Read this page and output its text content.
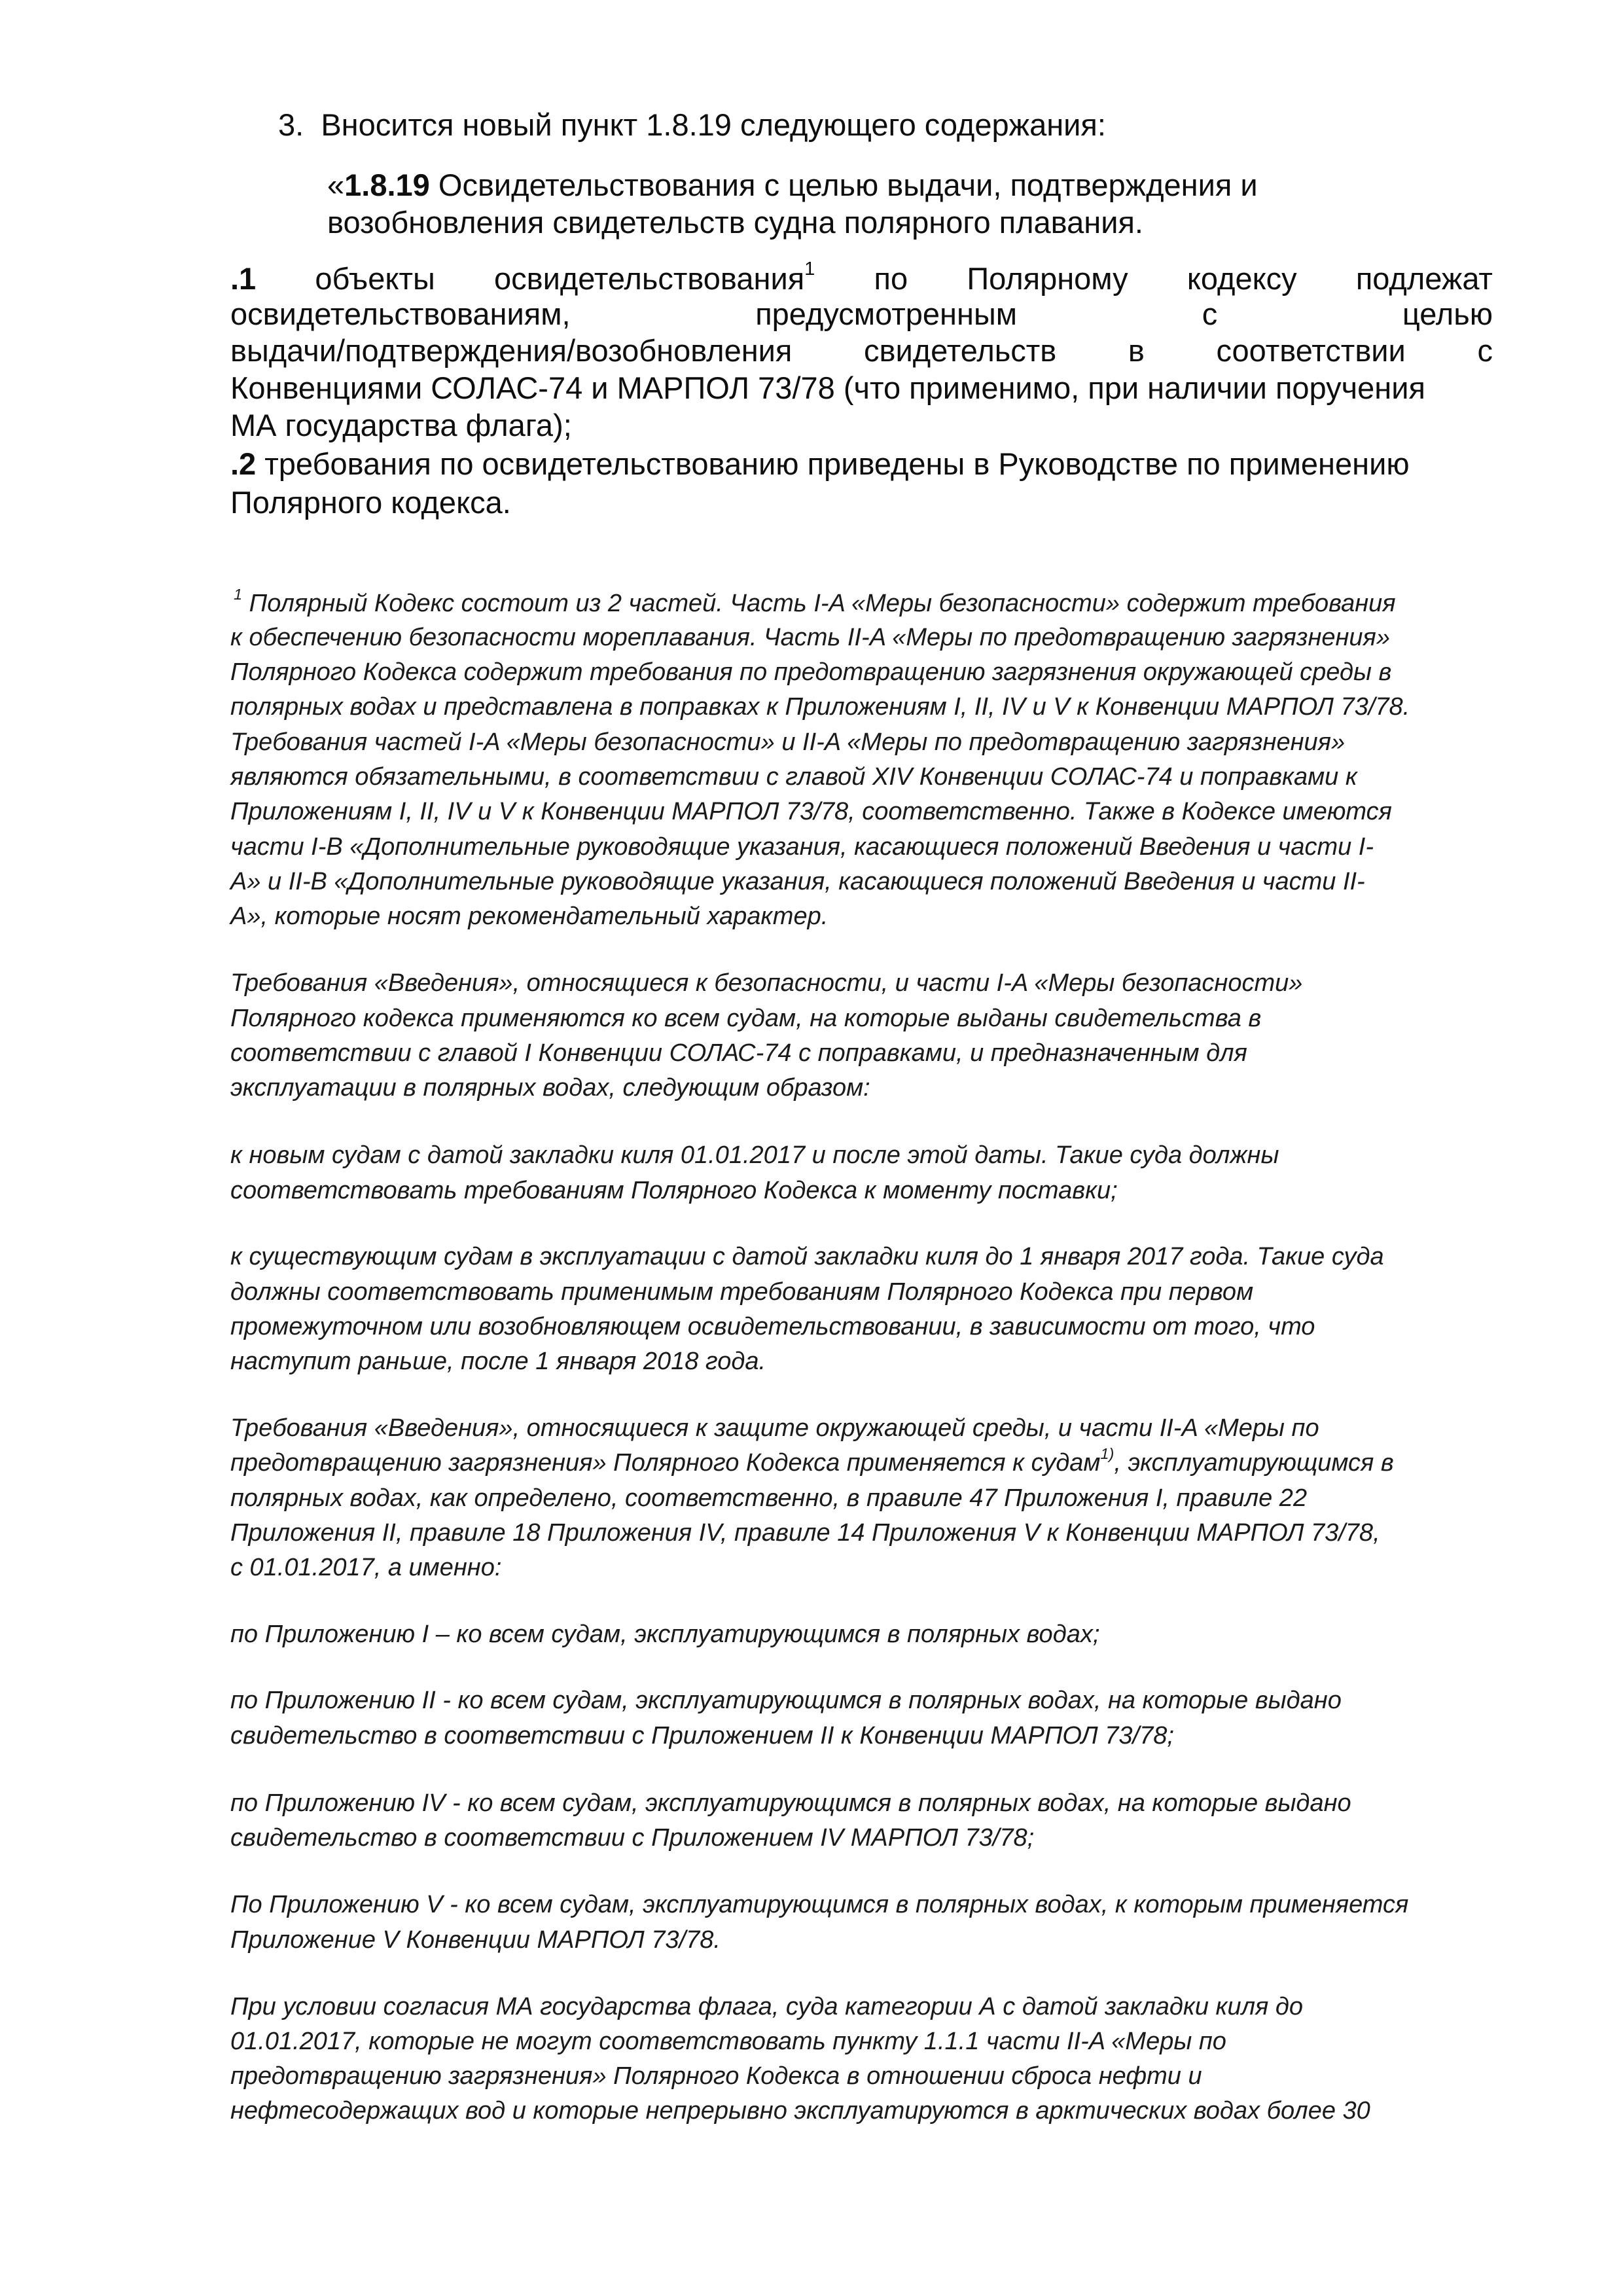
3. Вносится новый пункт 1.8.19 следующего содержания:
«1.8.19 Освидетельствования с целью выдачи, подтверждения и
возобновления свидетельств судна полярного плавания.
.1 объекты освидетельствования1 по Полярному кодексу подлежат
освидетельствованиям,	предусмотренным	с	целью
выдачи/подтверждения/возобновления свидетельств в соответствии с
Конвенциями СОЛАС-74 и МАРПОЛ 73/78 (что применимо, при наличии поручения
МА государства флага);
.2 требования по освидетельствованию приведены в Руководстве по применению
Полярного кодекса.
$^1$ Полярный Кодекс состоит из 2 частей. Часть I-A «Меры безопасности» содержит требования
к обеспечению безопасности мореплавания. Часть II-A «Меры по предотвращению загрязнения»
Полярного Кодекса содержит требования по предотвращению загрязнения окружающей среды в
полярных водах и представлена в поправках к Приложениям I, II, IV и V к Конвенции МАРПОЛ 73/78.
Требования частей I-A «Меры безопасности» и II-A «Меры по предотвращению загрязнения»
являются обязательными, в соответствии с главой XIV Конвенции СОЛАС-74 и поправками к
Приложениям I, II, IV и V к Конвенции МАРПОЛ 73/78, соответственно. Также в Кодексе имеются
части I-B «Дополнительные руководящие указания, касающиеся положений Введения и части I-
A» и II-B «Дополнительные руководящие указания, касающиеся положений Введения и части II-
A», которые носят рекомендательный характер.
Требования «Введения», относящиеся к безопасности, и части I-A «Меры безопасности»
Полярного кодекса применяются ко всем судам, на которые выданы свидетельства в
соответствии с главой I Конвенции СОЛАС-74 с поправками, и предназначенным для
эксплуатации в полярных водах, следующим образом:
к новым судам с датой закладки киля 01.01.2017 и после этой даты. Такие суда должны
соответствовать требованиям Полярного Кодекса к моменту поставки;
к существующим судам в эксплуатации с датой закладки киля до 1 января 2017 года. Такие суда
должны соответствовать применимым требованиям Полярного Кодекса при первом
промежуточном или возобновляющем освидетельствовании, в зависимости от того, что
наступит раньше, после 1 января 2018 года.
Требования «Введения», относящиеся к защите окружающей среды, и части II-A «Меры по
предотвращению загрязнения» Полярного Кодекса применяется к судам$^{1)}$, эксплуатирующимся в
полярных водах, как определено, соответственно, в правиле 47 Приложения I, правиле 22
Приложения II, правиле 18 Приложения IV, правиле 14 Приложения V к Конвенции МАРПОЛ 73/78,
с 01.01.2017, а именно:
по Приложению I – ко всем судам, эксплуатирующимся в полярных водах;
по Приложению II - ко всем судам, эксплуатирующимся в полярных водах, на которые выдано
свидетельство в соответствии с Приложением II к Конвенции МАРПОЛ 73/78;
по Приложению IV - ко всем судам, эксплуатирующимся в полярных водах, на которые выдано
свидетельство в соответствии с Приложением IV МАРПОЛ 73/78;
По Приложению V - ко всем судам, эксплуатирующимся в полярных водах, к которым применяется
Приложение V Конвенции МАРПОЛ 73/78.
При условии согласия МА государства флага, суда категории А с датой закладки киля до
01.01.2017, которые не могут соответствовать пункту 1.1.1 части II-A «Меры по
предотвращению загрязнения» Полярного Кодекса в отношении сброса нефти и
нефтесодержащих вод и которые непрерывно эксплуатируются в арктических водах более 30
